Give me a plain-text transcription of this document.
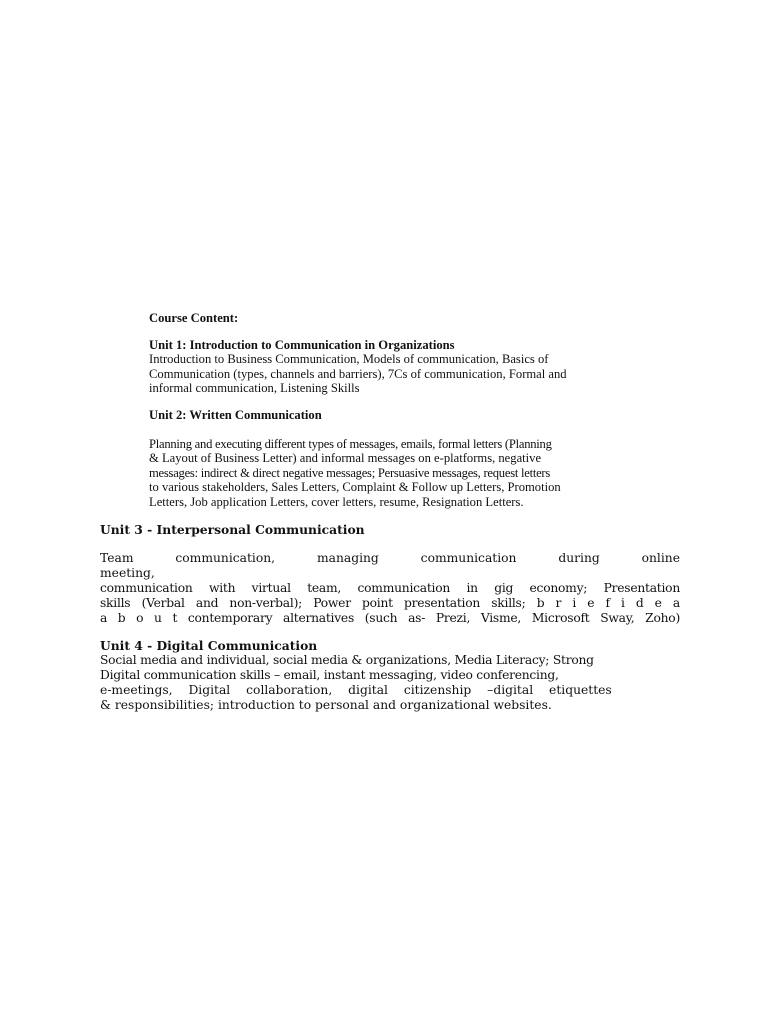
Course Content:

Unit 1: Introduction to Communication in Organizations

Introduction to Business Communication, Models of communication, Basics of
Communication (types, channels and barriers), 7Cs of communication, Formal and
informal communication, Listening Skills

Unit 2: Written Communication

Planning and executing different types of messages, emails, formal letters (Planning
& Layout of Business Letter) and informal messages on e-platforms, negative
messages: indirect & direct negative messages; Persuasive messages, request letters
to various stakeholders, Sales Letters, Complaint & Follow up Letters, Promotion
Letters, Job application Letters, cover letters, resume, Resignation Letters.

Unit 3 - Interpersonal Communication

Team communication, managing communication during online meeting,
communication with virtual team, communication in gig economy; Presentation
skills (Verbal and non-verbal); Power point presentation skills; b r i e f i d e a
a b o u t contemporary alternatives (such as- Prezi, Visme, Microsoft Sway, Zoho)

Unit 4 - Digital Communication

Social media and individual, social media & organizations, Media Literacy; Strong
Digital communication skills – email, instant messaging, video conferencing,
e-meetings, Digital collaboration, digital citizenship –digital etiquettes
& responsibilities; introduction to personal and organizational websites.
